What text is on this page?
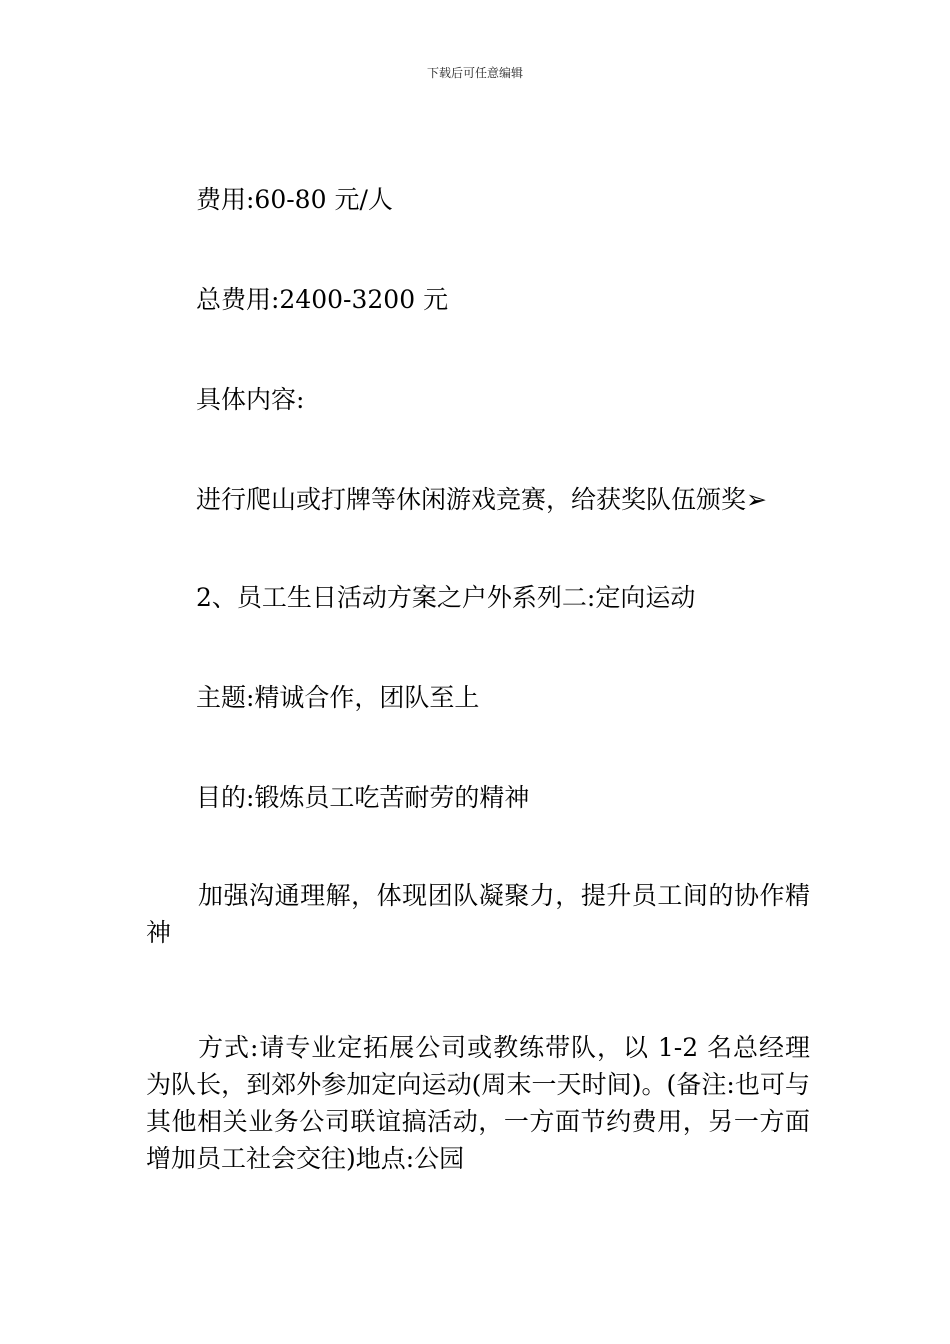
下载后可任意编辑
费用:60-80 元/人
总费用:2400-3200 元
具体内容:
进行爬山或打牌等休闲游戏竞赛，给获奖队伍颁奖➢
2、员工生日活动方案之户外系列二:定向运动
主题:精诚合作，团队至上
目的:锻炼员工吃苦耐劳的精神
加强沟通理解，体现团队凝聚力，提升员工间的协作精神
方式:请专业定拓展公司或教练带队，以 1-2 名总经理为队长，到郊外参加定向运动(周末一天时间)。(备注:也可与其他相关业务公司联谊搞活动，一方面节约费用，另一方面增加员工社会交往)地点:公园
